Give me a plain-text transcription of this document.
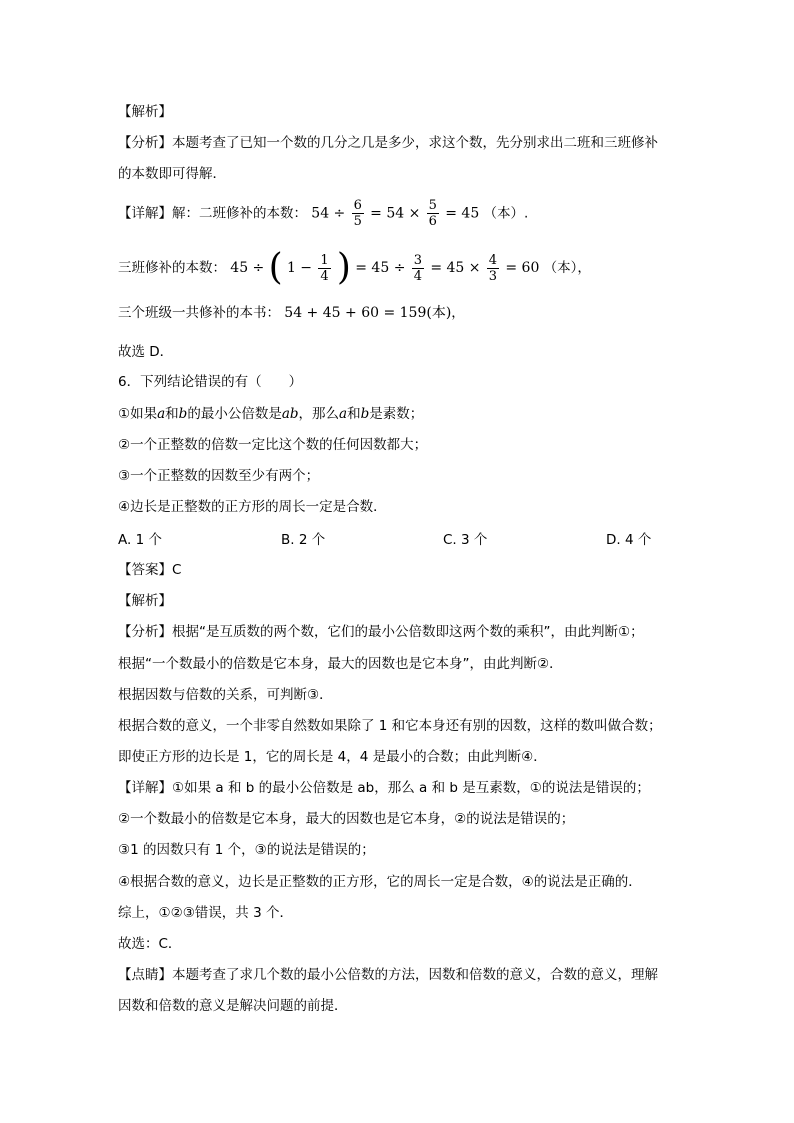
【解析】
【分析】本题考查了已知一个数的几分之几是多少，求这个数，先分别求出二班和三班修补
的本数即可得解．
【详解】解：二班修补的本数： $54 \div \frac{6}{5} = 54 \times \frac{5}{6} = 45$ （本）.
三班修补的本数： 45 ÷ ( $1 - \frac{1}{4}$ ) = $45 \div \frac{3}{4} = 45 \times \frac{4}{3} = 60$ （本），
三个班级一共修补的本书： 54 + 45 + 60 = 159(本)，
故选 D．
6．下列结论错误的有（　　）
①如果a和b的最小公倍数是ab，那么a和b是素数；
②一个正整数的倍数一定比这个数的任何因数都大；
③一个正整数的因数至少有两个；
④边长是正整数的正方形的周长一定是合数．
A. 1 个	B. 2 个	C. 3 个	D. 4 个
【答案】C
【解析】
【分析】根据“是互质数的两个数，它们的最小公倍数即这两个数的乘积”，由此判断①；
根据“一个数最小的倍数是它本身，最大的因数也是它本身”，由此判断②．
根据因数与倍数的关系，可判断③．
根据合数的意义，一个非零自然数如果除了 1 和它本身还有别的因数，这样的数叫做合数；
即使正方形的边长是 1，它的周长是 4，4 是最小的合数；由此判断④．
【详解】①如果 a 和 b 的最小公倍数是 ab，那么 a 和 b 是互素数，①的说法是错误的；
②一个数最小的倍数是它本身，最大的因数也是它本身，②的说法是错误的；
③1 的因数只有 1 个，③的说法是错误的；
④根据合数的意义，边长是正整数的正方形，它的周长一定是合数，④的说法是正确的．
综上，①②③错误，共 3 个．
故选：C．
【点睛】本题考查了求几个数的最小公倍数的方法，因数和倍数的意义，合数的意义，理解
因数和倍数的意义是解决问题的前提．
